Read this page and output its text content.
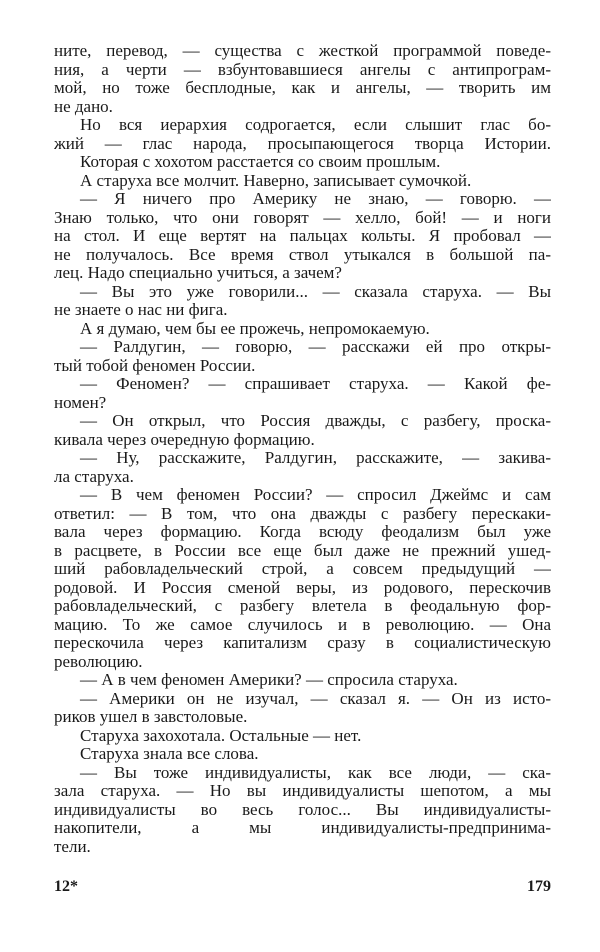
ните, перевод, — существа с жесткой программой поведе-
ния, а черти — взбунтовавшиеся ангелы с антипрограм-
мой, но тоже бесплодные, как и ангелы, — творить им
не дано.
Но вся иерархия содрогается, если слышит глас бо-
жий — глас народа, просыпающегося творца Истории.
Которая с хохотом расстается со своим прошлым.
А старуха все молчит. Наверно, записывает сумочкой.
— Я ничего про Америку не знаю, — говорю. —
Знаю только, что они говорят — хелло, бой! — и ноги
на стол. И еще вертят на пальцах кольты. Я пробовал —
не получалось. Все время ствол утыкался в большой па-
лец. Надо специально учиться, а зачем?
— Вы это уже говорили... — сказала старуха. — Вы
не знаете о нас ни фига.
А я думаю, чем бы ее прожечь, непромокаемую.
— Ралдугин, — говорю, — расскажи ей про откры-
тый тобой феномен России.
— Феномен? — спрашивает старуха. — Какой фе-
номен?
— Он открыл, что Россия дважды, с разбегу, проска-
кивала через очередную формацию.
— Ну, расскажите, Ралдугин, расскажите, — закива-
ла старуха.
— В чем феномен России? — спросил Джеймс и сам
ответил: — В том, что она дважды с разбегу перескаки-
вала через формацию. Когда всюду феодализм был уже
в расцвете, в России все еще был даже не прежний ушед-
ший рабовладельческий строй, а совсем предыдущий —
родовой. И Россия сменой веры, из родового, перескочив
рабовладельческий, с разбегу влетела в феодальную фор-
мацию. То же самое случилось и в революцию. — Она
перескочила через капитализм сразу в социалистическую
революцию.
— А в чем феномен Америки? — спросила старуха.
— Америки он не изучал, — сказал я. — Он из исто-
риков ушел в завстоловые.
Старуха захохотала. Остальные — нет.
Старуха знала все слова.
— Вы тоже индивидуалисты, как все люди, — ска-
зала старуха. — Но вы индивидуалисты шепотом, а мы
индивидуалисты во весь голос... Вы индивидуалисты-
накопители, а мы индивидуалисты-предпринима-
тели.
12*	179
